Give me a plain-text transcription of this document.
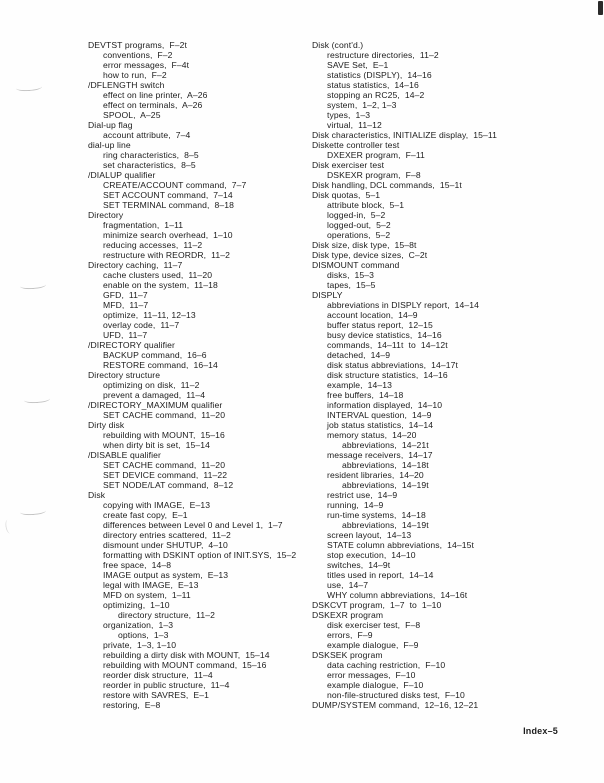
DEVTST programs,  F–2t
conventions,  F–2
error messages,  F–4t
how to run,  F–2
/DFLENGTH switch
effect on line printer,  A–26
effect on terminals,  A–26
SPOOL,  A–25
Dial-up flag
account attribute,  7–4
dial-up line
ring characteristics,  8–5
set characteristics,  8–5
/DIALUP qualifier
CREATE/ACCOUNT command,  7–7
SET ACCOUNT command,  7–14
SET TERMINAL command,  8–18
Directory
fragmentation,  1–11
minimize search overhead,  1–10
reducing accesses,  11–2
restructure with REORDR,  11–2
Directory caching,  11–7
cache clusters used,  11–20
enable on the system,  11–18
GFD,  11–7
MFD,  11–7
optimize,  11–11, 12–13
overlay code,  11–7
UFD,  11–7
/DIRECTORY qualifier
BACKUP command,  16–6
RESTORE command,  16–14
Directory structure
optimizing on disk,  11–2
prevent a damaged,  11–4
/DIRECTORY_MAXIMUM qualifier
SET CACHE command,  11–20
Dirty disk
rebuilding with MOUNT,  15–16
when dirty bit is set,  15–14
/DISABLE qualifier
SET CACHE command,  11–20
SET DEVICE command,  11–22
SET NODE/LAT command,  8–12
Disk
copying with IMAGE,  E–13
create fast copy,  E–1
differences between Level 0 and Level 1,  1–7
directory entries scattered,  11–2
dismount under SHUTUP,  4–10
formatting with DSKINT option of INIT.SYS,  15–2
free space,  14–8
IMAGE output as system,  E–13
legal with IMAGE,  E–13
MFD on system,  1–11
optimizing,  1–10
directory structure,  11–2
organization,  1–3
options,  1–3
private,  1–3, 1–10
rebuilding a dirty disk with MOUNT,  15–14
rebuilding with MOUNT command,  15–16
reorder disk structure,  11–4
reorder in public structure,  11–4
restore with SAVRES,  E–1
restoring,  E–8
Disk (cont'd.)
restructure directories,  11–2
SAVE Set,  E–1
statistics (DISPLY),  14–16
status statistics,  14–16
stopping an RC25,  14–2
system,  1–2, 1–3
types,  1–3
virtual,  11–12
Disk characteristics, INITIALIZE display,  15–11
Diskette controller test
DXEXER program,  F–11
Disk exerciser test
DSKEXR program,  F–8
Disk handling, DCL commands,  15–1t
Disk quotas,  5–1
attribute block,  5–1
logged-in,  5–2
logged-out,  5–2
operations,  5–2
Disk size, disk type,  15–8t
Disk type, device sizes,  C–2t
DISMOUNT command
disks,  15–3
tapes,  15–5
DISPLY
abbreviations in DISPLY report,  14–14
account location,  14–9
buffer status report,  12–15
busy device statistics,  14–16
commands,  14–11t  to  14–12t
detached,  14–9
disk status abbreviations,  14–17t
disk structure statistics,  14–16
example,  14–13
free buffers,  14–18
information displayed,  14–10
INTERVAL question,  14–9
job status statistics,  14–14
memory status,  14–20
abbreviations,  14–21t
message receivers,  14–17
abbreviations,  14–18t
resident libraries,  14–20
abbreviations,  14–19t
restrict use,  14–9
running,  14–9
run-time systems,  14–18
abbreviations,  14–19t
screen layout,  14–13
STATE column abbreviations,  14–15t
stop execution,  14–10
switches,  14–9t
titles used in report,  14–14
use,  14–7
WHY column abbreviations,  14–16t
DSKCVT program,  1–7  to  1–10
DSKEXR program
disk exerciser test,  F–8
errors,  F–9
example dialogue,  F–9
DSKSEK program
data caching restriction,  F–10
error messages,  F–10
example dialogue,  F–10
non-file-structured disks test,  F–10
DUMP/SYSTEM command,  12–16, 12–21
Index–5
